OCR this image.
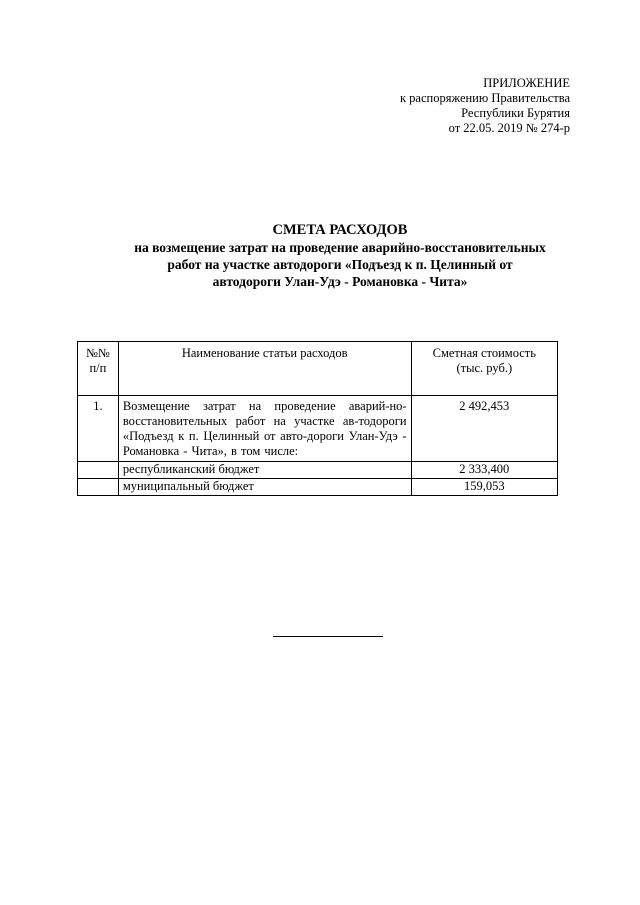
ПРИЛОЖЕНИЕ
к распоряжению Правительства
Республики Бурятия
от 22.05. 2019 № 274-р
СМЕТА РАСХОДОВ
на возмещение затрат на проведение аварийно-восстановительных
работ на участке автодороги «Подъезд к п. Целинный от
автодороги Улан-Удэ - Романовка - Чита»
№№
п/п	Наименование статьи расходов	Сметная стоимость
(тыс. руб.)

1.	Возмещение затрат на проведение аварий-но-восстановительных работ на участке ав-тодороги «Подъезд к п. Целинный от авто-дороги Улан-Удэ - Романовка - Чита», в том числе:	2 492,453

	республиканский бюджет	2 333,400

	муниципальный бюджет	159,053
